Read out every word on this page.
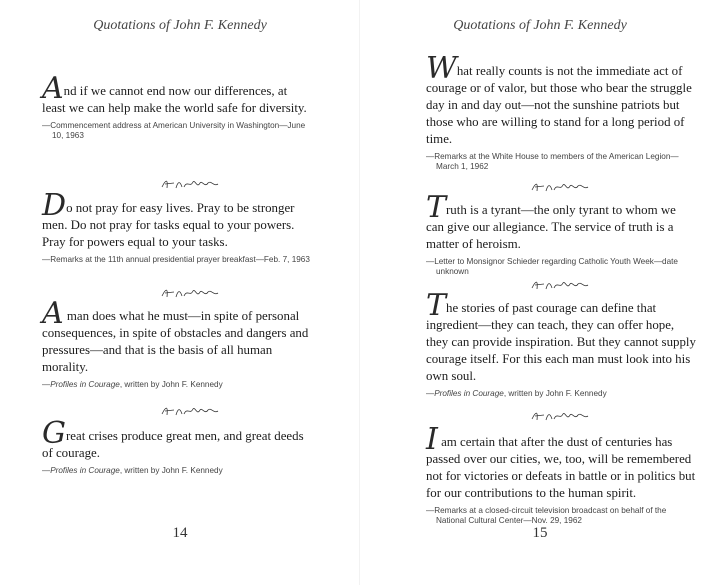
Quotations of John F. Kennedy

And if we cannot end now our differences, at least we can help make the world safe for diversity.

—Commencement address at American University in Washington—June 10, 1963

Do not pray for easy lives. Pray to be stronger men. Do not pray for tasks equal to your powers. Pray for powers equal to your tasks.

—Remarks at the 11th annual presidential prayer breakfast—Feb. 7, 1963

A man does what he must—in spite of personal consequences, in spite of obstacles and dangers and pressures—and that is the basis of all human morality.

—Profiles in Courage, written by John F. Kennedy

Great crises produce great men, and great deeds of courage.

—Profiles in Courage, written by John F. Kennedy

14
Quotations of John F. Kennedy

What really counts is not the immediate act of courage or of valor, but those who bear the struggle day in and day out—not the sunshine patriots but those who are willing to stand for a long period of time.

—Remarks at the White House to members of the American Legion—March 1, 1962

Truth is a tyrant—the only tyrant to whom we can give our allegiance. The service of truth is a matter of heroism.

—Letter to Monsignor Schieder regarding Catholic Youth Week—date unknown

The stories of past courage can define that ingredient—they can teach, they can offer hope, they can provide inspiration. But they cannot supply courage itself. For this each man must look into his own soul.

—Profiles in Courage, written by John F. Kennedy

I am certain that after the dust of centuries has passed over our cities, we, too, will be remembered not for victories or defeats in battle or in politics but for our contributions to the human spirit.

—Remarks at a closed-circuit television broadcast on behalf of the National Cultural Center—Nov. 29, 1962

15
